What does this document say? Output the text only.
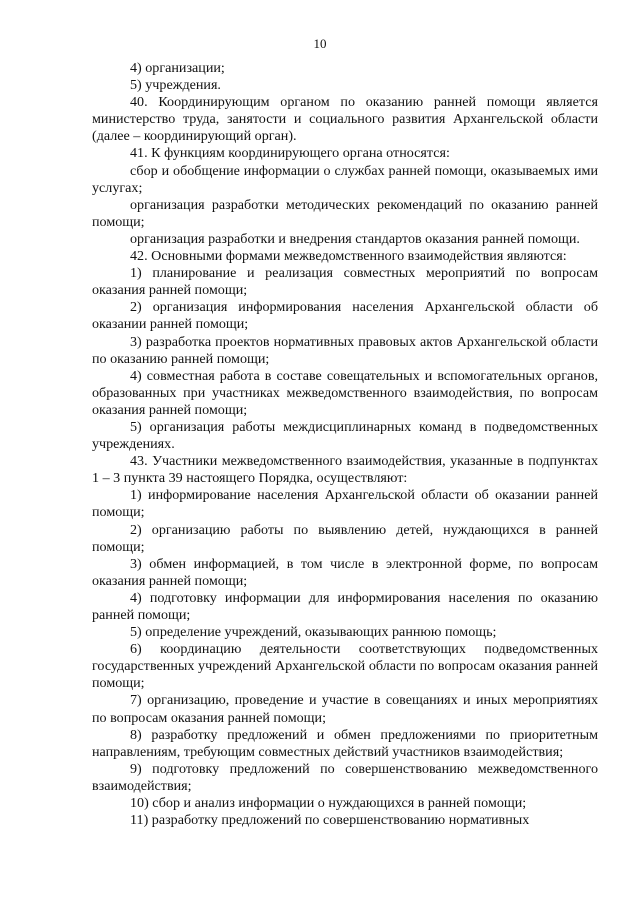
10

4) организации;

5) учреждения.

40. Координирующим органом по оказанию ранней помощи является министерство труда, занятости и социального развития Архангельской области (далее – координирующий орган).

41. К функциям координирующего органа относятся:

сбор и обобщение информации о службах ранней помощи, оказываемых ими услугах;

организация разработки методических рекомендаций по оказанию ранней помощи;

организация разработки и внедрения стандартов оказания ранней помощи.

42. Основными формами межведомственного взаимодействия являются:

1) планирование и реализация совместных мероприятий по вопросам оказания ранней помощи;

2) организация информирования населения Архангельской области об оказании ранней помощи;

3) разработка проектов нормативных правовых актов Архангельской области по оказанию ранней помощи;

4) совместная работа в составе совещательных и вспомогательных органов, образованных при участниках межведомственного взаимодействия, по вопросам оказания ранней помощи;

5) организация работы междисциплинарных команд в подведомственных учреждениях.

43. Участники межведомственного взаимодействия, указанные в подпунктах 1 – 3 пункта 39 настоящего Порядка, осуществляют:

1) информирование населения Архангельской области об оказании ранней помощи;

2) организацию работы по выявлению детей, нуждающихся в ранней помощи;

3) обмен информацией, в том числе в электронной форме, по вопросам оказания ранней помощи;

4) подготовку информации для информирования населения по оказанию ранней помощи;

5) определение учреждений, оказывающих раннюю помощь;

6) координацию деятельности соответствующих подведомственных государственных учреждений Архангельской области по вопросам оказания ранней помощи;

7) организацию, проведение и участие в совещаниях и иных мероприятиях по вопросам оказания ранней помощи;

8) разработку предложений и обмен предложениями по приоритетным направлениям, требующим совместных действий участников взаимодействия;

9) подготовку предложений по совершенствованию межведомственного взаимодействия;

10) сбор и анализ информации о нуждающихся в ранней помощи;

11) разработку предложений по совершенствованию нормативных
